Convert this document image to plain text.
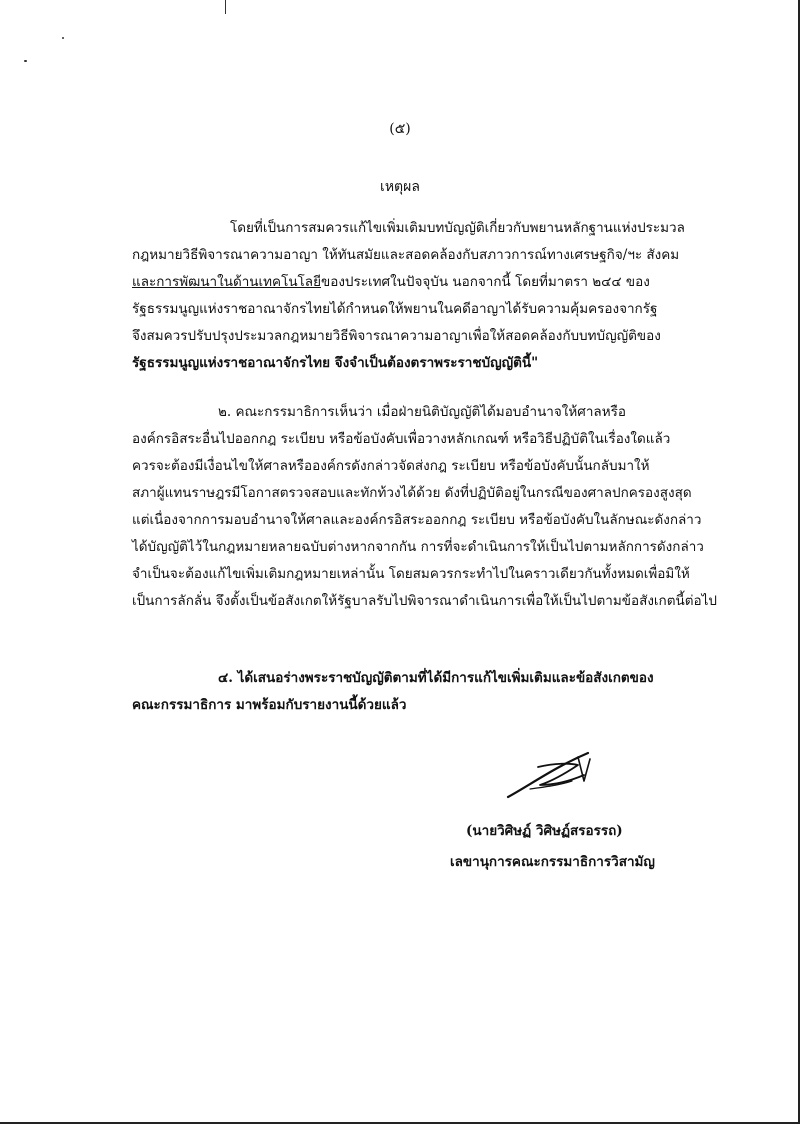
(๕)
เหตุผล
โดยที่เป็นการสมควรแก้ไขเพิ่มเติมบทบัญญัติเกี่ยวกับพยานหลักฐานแห่งประมวล
กฎหมายวิธีพิจารณาความอาญา ให้ทันสมัยและสอดคล้องกับสภาวการณ์ทางเศรษฐกิจ/ฯะ สังคม
และการพัฒนาในด้านเทคโนโลยีของประเทศในปัจจุบัน นอกจากนี้ โดยที่มาตรา ๒๔๔ ของ
รัฐธรรมนูญแห่งราชอาณาจักรไทยได้กำหนดให้พยานในคดีอาญาได้รับความคุ้มครองจากรัฐ
จึงสมควรปรับปรุงประมวลกฎหมายวิธีพิจารณาความอาญาเพื่อให้สอดคล้องกับบทบัญญัติของ
รัฐธรรมนูญแห่งราชอาณาจักรไทย จึงจำเป็นต้องตราพระราชบัญญัตินี้"
๒. คณะกรรมาธิการเห็นว่า เมื่อฝ่ายนิติบัญญัติได้มอบอำนาจให้ศาลหรือ
องค์กรอิสระอื่นไปออกกฎ ระเบียบ หรือข้อบังคับเพื่อวางหลักเกณฑ์ หรือวิธีปฏิบัติในเรื่องใดแล้ว
ควรจะต้องมีเงื่อนไขให้ศาลหรือองค์กรดังกล่าวจัดส่งกฎ ระเบียบ หรือข้อบังคับนั้นกลับมาให้
สภาผู้แทนราษฎรมีโอกาสตรวจสอบและทักท้วงได้ด้วย ดังที่ปฏิบัติอยู่ในกรณีของศาลปกครองสูงสุด
แต่เนื่องจากการมอบอำนาจให้ศาลและองค์กรอิสระออกกฎ ระเบียบ หรือข้อบังคับในลักษณะดังกล่าว
ได้บัญญัติไว้ในกฎหมายหลายฉบับต่างหากจากกัน การที่จะดำเนินการให้เป็นไปตามหลักการดังกล่าว
จำเป็นจะต้องแก้ไขเพิ่มเติมกฎหมายเหล่านั้น โดยสมควรกระทำไปในคราวเดียวกันทั้งหมดเพื่อมิให้
เป็นการลักลั่น จึงตั้งเป็นข้อสังเกตให้รัฐบาลรับไปพิจารณาดำเนินการเพื่อให้เป็นไปตามข้อสังเกตนี้ต่อไป
๔. ได้เสนอร่างพระราชบัญญัติตามที่ได้มีการแก้ไขเพิ่มเติมและข้อสังเกตของ
คณะกรรมาธิการ มาพร้อมกับรายงานนี้ด้วยแล้ว
(นายวิศิษฏ์ วิศิษฏ์สรอรรถ)
เลขานุการคณะกรรมาธิการวิสามัญ
